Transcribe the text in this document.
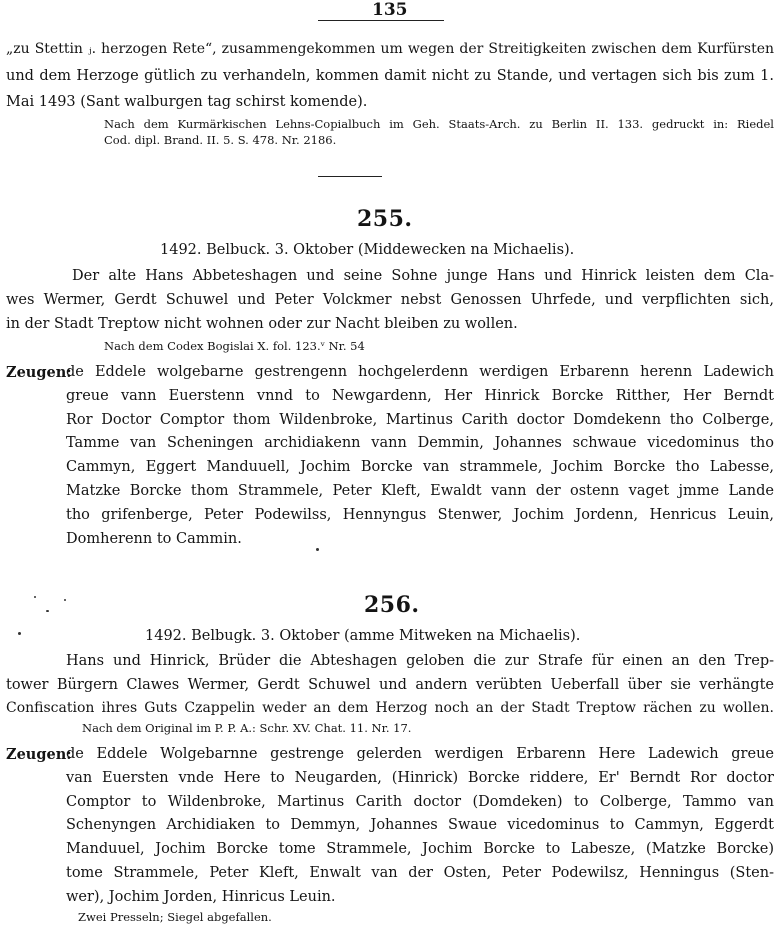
135
„zu Stettin ⱼ. herzogen Rete“, zusammengekommen um wegen der Streitigkeiten zwischen dem Kurfürsten
und dem Herzoge gütlich zu verhandeln, kommen damit nicht zu Stande, und vertagen sich bis zum 1.
Mai 1493 (Sant walburgen tag schirst komende).
Nach dem Kurmärkischen Lehns-Copialbuch im Geh. Staats-Arch. zu Berlin II. 133. gedruckt in: Riedel
Cod. dipl. Brand. II. 5. S. 478. Nr. 2186.
255.
1492. Belbuck. 3. Oktober (Middewecken na Michaelis).
Der alte Hans Abbeteshagen und seine Sohne junge Hans und Hinrick leisten dem Cla-
wes Wermer, Gerdt Schuwel und Peter Volckmer nebst Genossen Uhrfede, und verpflichten sich,
in der Stadt Treptow nicht wohnen oder zur Nacht bleiben zu wollen.
Nach dem Codex Bogislai X. fol. 123.ᵛ Nr. 54
Zeugen:
de Eddele wolgebarne gestrengenn hochgelerdenn werdigen Erbarenn herenn Ladewich
greue vann Euerstenn vnnd to Newgardenn, Her Hinrick Borcke Ritther, Her Berndt
Ror Doctor Comptor thom Wildenbroke, Martinus Carith doctor Domdekenn tho Colberge,
Tamme van Scheningen archidiakenn vann Demmin, Johannes schwaue vicedominus tho
Cammyn, Eggert Manduuell, Jochim Borcke van strammele, Jochim Borcke tho Labesse,
Matzke Borcke thom Strammele, Peter Kleft, Ewaldt vann der ostenn vaget jmme Lande
tho grifenberge, Peter Podewilss, Hennyngus Stenwer, Jochim Jordenn, Henricus Leuin,
Domherenn to Cammin.
256.
1492. Belbugk. 3. Oktober (amme Mitweken na Michaelis).
Hans und Hinrick, Brüder die Abteshagen geloben die zur Strafe für einen an den Trep-
tower Bürgern Clawes Wermer, Gerdt Schuwel und andern verübten Ueberfall über sie verhängte
Confiscation ihres Guts Czappelin weder an dem Herzog noch an der Stadt Treptow rächen zu wollen.
Nach dem Original im P. P. A.: Schr. XV. Chat. 11. Nr. 17.
Zeugen:
de Eddele Wolgebarnne gestrenge gelerden werdigen Erbarenn Here Ladewich greue
van Euersten vnde Here to Neugarden, (Hinrick) Borcke riddere, Er' Berndt Ror doctor
Comptor to Wildenbroke, Martinus Carith doctor (Domdeken) to Colberge, Tammo van
Schenyngen Archidiaken to Demmyn, Johannes Swaue vicedominus to Cammyn, Eggerdt
Manduuel, Jochim Borcke tome Strammele, Jochim Borcke to Labesze, (Matzke Borcke)
tome Strammele, Peter Kleft, Enwalt van der Osten, Peter Podewilsz, Henningus (Sten-
wer), Jochim Jorden, Hinricus Leuin.
Zwei Presseln; Siegel abgefallen.
